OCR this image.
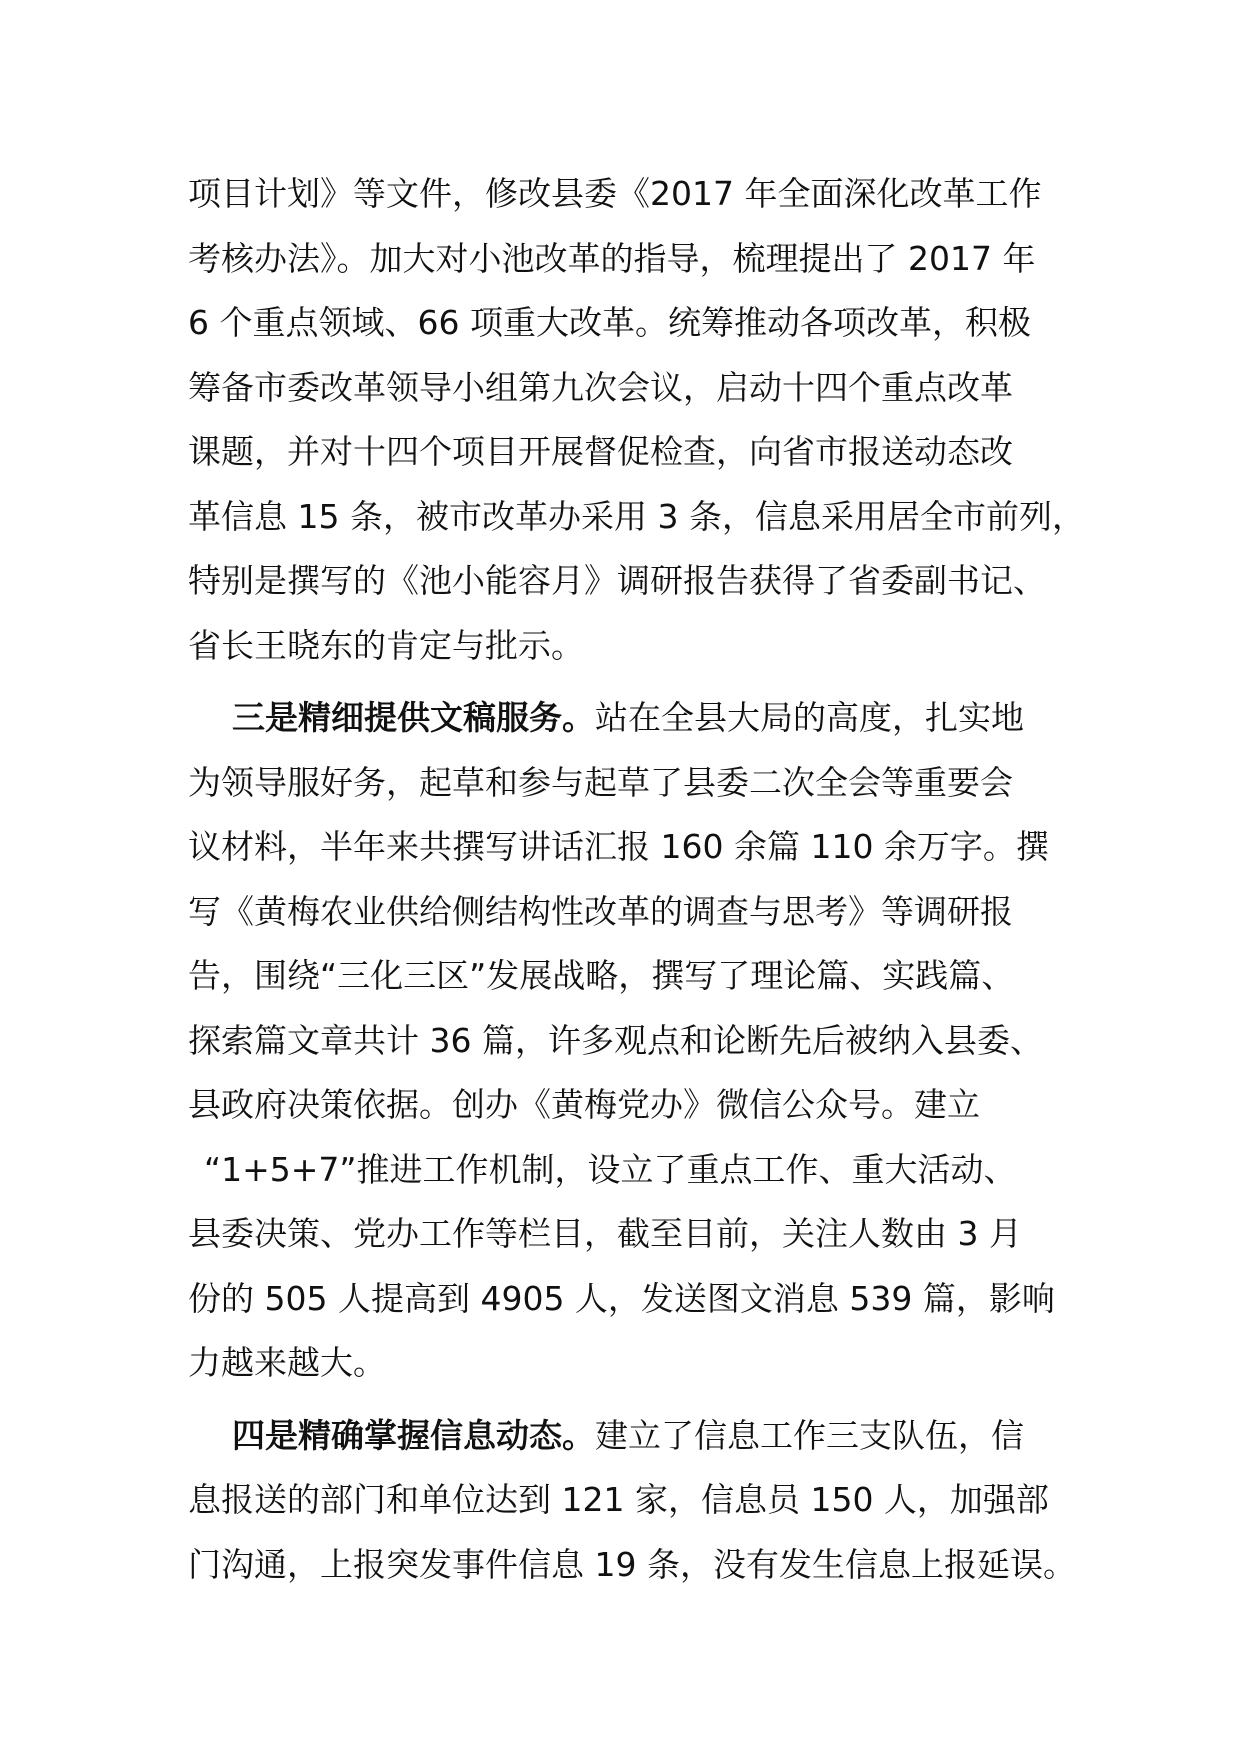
项目计划》等文件，修改县委《2017 年全面深化改革工作
考核办法》。加大对小池改革的指导，梳理提出了 2017 年
6 个重点领域、66 项重大改革。统筹推动各项改革，积极
筹备市委改革领导小组第九次会议，启动十四个重点改革
课题，并对十四个项目开展督促检查，向省市报送动态改
革信息 15 条，被市改革办采用 3 条，信息采用居全市前列，
特别是撰写的《池小能容月》调研报告获得了省委副书记、
省长王晓东的肯定与批示。
三是精细提供文稿服务。站在全县大局的高度，扎实地
为领导服好务，起草和参与起草了县委二次全会等重要会
议材料，半年来共撰写讲话汇报 160 余篇 110 余万字。撰
写《黄梅农业供给侧结构性改革的调查与思考》等调研报
告，围绕“三化三区”发展战略，撰写了理论篇、实践篇、
探索篇文章共计 36 篇，许多观点和论断先后被纳入县委、
县政府决策依据。创办《黄梅党办》微信公众号。建立
“1+5+7”推进工作机制，设立了重点工作、重大活动、
县委决策、党办工作等栏目，截至目前，关注人数由 3 月
份的 505 人提高到 4905 人，发送图文消息 539 篇，影响
力越来越大。
四是精确掌握信息动态。建立了信息工作三支队伍，信
息报送的部门和单位达到 121 家，信息员 150 人，加强部
门沟通，上报突发事件信息 19 条，没有发生信息上报延误。
